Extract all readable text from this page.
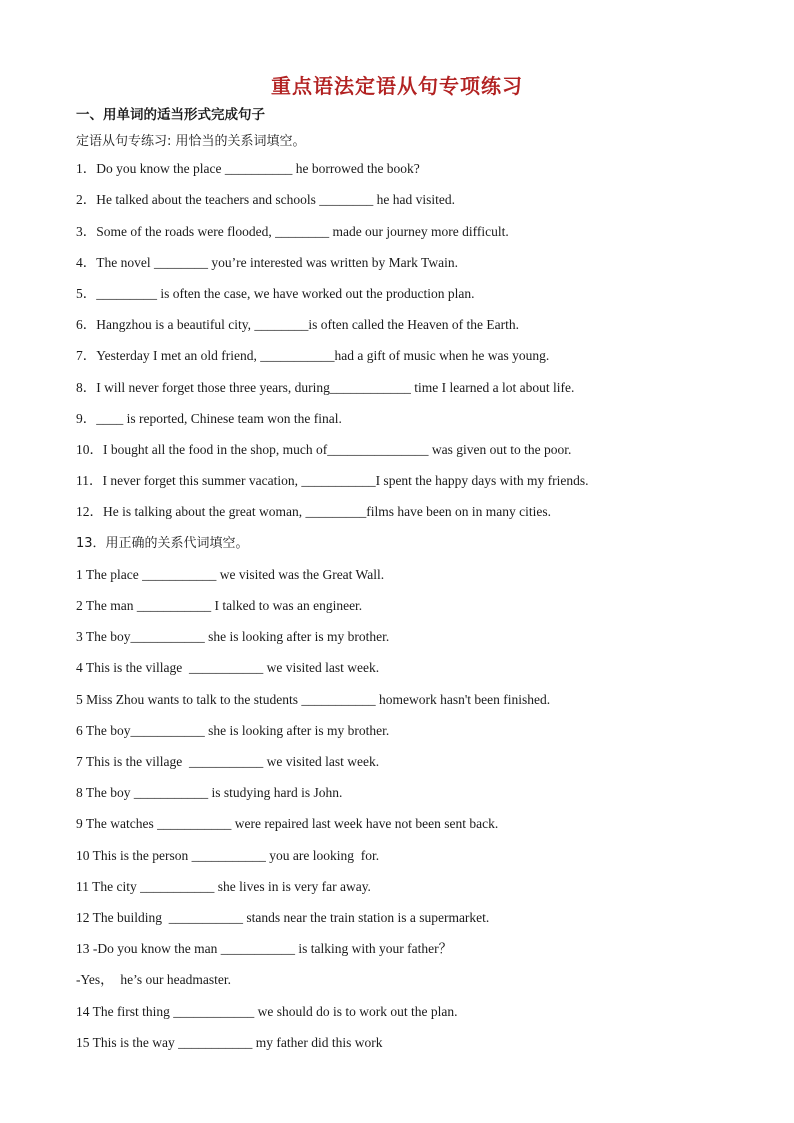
重点语法定语从句专项练习
一、用单词的适当形式完成句子
定语从句专练习: 用恰当的关系词填空。
1．Do you know the place __________ he borrowed the book?
2．He talked about the teachers and schools ________ he had visited.
3．Some of the roads were flooded, ________ made our journey more difficult.
4．The novel ________ you’re interested was written by Mark Twain.
5．_________ is often the case, we have worked out the production plan.
6．Hangzhou is a beautiful city, ________is often called the Heaven of the Earth.
7．Yesterday I met an old friend, ___________had a gift of music when he was young.
8．I will never forget those three years, during____________ time I learned a lot about life.
9．____ is reported, Chinese team won the final.
10．I bought all the food in the shop, much of_______________ was given out to the poor.
11．I never forget this summer vacation, ___________I spent the happy days with my friends.
12．He is talking about the great woman, _________films have been on in many cities.
13．用正确的关系代词填空。
1 The place ___________ we visited was the Great Wall.
2 The man ___________ I talked to was an engineer.
3 The boy___________ she is looking after is my brother.
4 This is the village  ___________ we visited last week.
5 Miss Zhou wants to talk to the students ___________ homework hasn't been finished.
6 The boy___________ she is looking after is my brother.
7 This is the village  ___________ we visited last week.
8 The boy ___________ is studying hard is John.
9 The watches ___________ were repaired last week have not been sent back.
10 This is the person ___________ you are looking  for.
11 The city ___________ she lives in is very far away.
12 The building  ___________ stands near the train station is a supermarket.
13 -Do you know the man ___________ is talking with your father？
-Yes，  he’s our headmaster.
14 The first thing ____________ we should do is to work out the plan.
15 This is the way ___________ my father did this work
